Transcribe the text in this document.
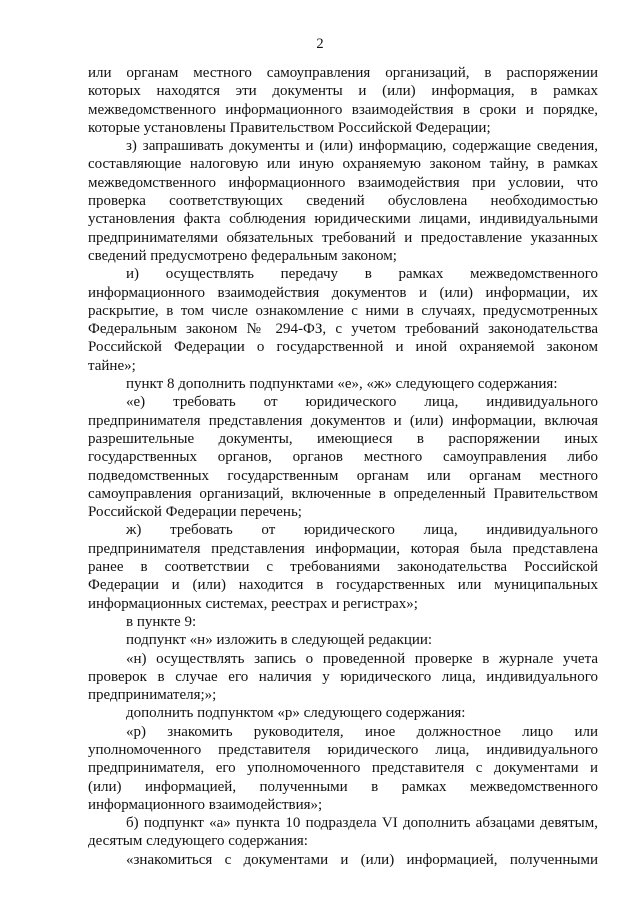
2
или органам местного самоуправления организаций, в распоряжении
которых находятся эти документы и (или) информация, в рамках
межведомственного информационного взаимодействия в сроки и порядке,
которые установлены Правительством Российской Федерации;
з) запрашивать документы и (или) информацию, содержащие сведения,
составляющие налоговую или иную охраняемую законом тайну, в рамках
межведомственного информационного взаимодействия при условии, что
проверка соответствующих сведений обусловлена необходимостью
установления факта соблюдения юридическими лицами, индивидуальными
предпринимателями обязательных требований и предоставление указанных
сведений предусмотрено федеральным законом;
и) осуществлять передачу в рамках межведомственного
информационного взаимодействия документов и (или) информации, их
раскрытие, в том числе ознакомление с ними в случаях, предусмотренных
Федеральным законом № 294-ФЗ, с учетом требований законодательства
Российской Федерации о государственной и иной охраняемой законом
тайне»;
пункт 8 дополнить подпунктами «е», «ж» следующего содержания:
«е) требовать от юридического лица, индивидуального
предпринимателя представления документов и (или) информации, включая
разрешительные документы, имеющиеся в распоряжении иных
государственных органов, органов местного самоуправления либо
подведомственных государственным органам или органам местного
самоуправления организаций, включенные в определенный Правительством
Российской Федерации перечень;
ж) требовать от юридического лица, индивидуального
предпринимателя представления информации, которая была представлена
ранее в соответствии с требованиями законодательства Российской
Федерации и (или) находится в государственных или муниципальных
информационных системах, реестрах и регистрах»;
в пункте 9:
подпункт «н» изложить в следующей редакции:
«н) осуществлять запись о проведенной проверке в журнале учета
проверок в случае его наличия у юридического лица, индивидуального
предпринимателя;»;
дополнить подпунктом «р» следующего содержания:
«р) знакомить руководителя, иное должностное лицо или
уполномоченного представителя юридического лица, индивидуального
предпринимателя, его уполномоченного представителя с документами и
(или) информацией, полученными в рамках межведомственного
информационного взаимодействия»;
б) подпункт «а» пункта 10 подраздела VI дополнить абзацами девятым,
десятым следующего содержания:
«знакомиться с документами и (или) информацией, полученными
